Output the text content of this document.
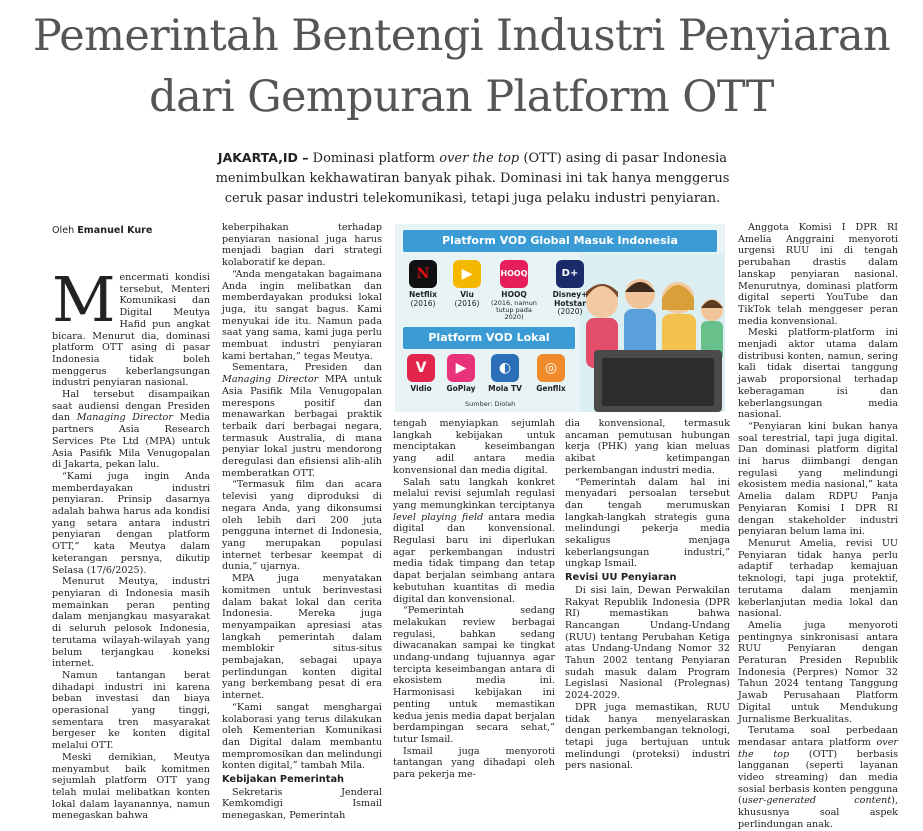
Pemerintah Bentengi Industri Penyiaran
dari Gempuran Platform OTT
JAKARTA,ID – Dominasi platform over the top (OTT) asing di pasar Indonesia menimbulkan kekhawatiran banyak pihak. Dominasi ini tak hanya menggerus ceruk pasar industri telekomunikasi, tetapi juga pelaku industri penyiaran.
Oleh Emanuel Kure
M encermati kondisi tersebut, Menteri Komunikasi dan Digital Meutya Hafid pun angkat bicara. Menurut dia, dominasi platform OTT asing di pasar Indonesia tidak boleh menggerus keberlangsungan industri penyiaran nasional.

Hal tersebut disampaikan saat audiensi dengan Presiden dan Managing Director Media partners Asia Research Services Pte Ltd (MPA) untuk Asia Pasifik Mila Venugopalan di Jakarta, pekan lalu.

“Kami juga ingin Anda memberdayakan industri penyiaran. Prinsip dasarnya adalah bahwa harus ada kondisi yang setara antara industri penyiaran dengan platform OTT,” kata Meutya dalam keterangan persnya, dikutip Selasa (17/6/2025).

Menurut Meutya, industri penyiaran di Indonesia masih memainkan peran penting dalam menjangkau masyarakat di seluruh pelosok Indonesia, terutama wilayah-wilayah yang belum terjangkau koneksi internet.

Namun tantangan berat dihadapi industri ini karena beban investasi dan biaya operasional yang tinggi, sementara tren masyarakat bergeser ke konten digital melalui OTT.

Meski demikian, Meutya menyambut baik komitmen sejumlah platform OTT yang telah mulai melibatkan konten lokal dalam layanannya, namun menegaskan bahwa

keberpihakan terhadap penyiaran nasional juga harus menjadi bagian dari strategi kolaboratif ke depan.

“Anda mengatakan bagaimana Anda ingin melibatkan dan memberdayakan produksi lokal juga, itu sangat bagus. Kami menyukai ide itu. Namun pada saat yang sama, kami juga perlu membuat industri penyiaran kami bertahan,” tegas Meutya.

Sementara, Presiden dan Managing Director MPA untuk Asia Pasifik Mila Venugopalan merespons positif dan menawarkan berbagai praktik terbaik dari berbagai negara, termasuk Australia, di mana penyiar lokal justru mendorong deregulasi dan efisiensi alih-alih memberatkan OTT.

“Termasuk film dan acara televisi yang diproduksi di negara Anda, yang dikonsumsi oleh lebih dari 200 juta pengguna internet di Indonesia, yang merupakan populasi internet terbesar keempat di dunia,” ujarnya.

MPA juga menyatakan komitmen untuk berinvestasi dalam bakat lokal dan cerita Indonesia. Mereka juga menyampaikan apresiasi atas langkah pemerintah dalam memblokir situs-situs pembajakan, sebagai upaya perlindungan konten digital yang berkembang pesat di era internet.

“Kami sangat menghargai kolaborasi yang terus dilakukan oleh Kementerian Komunikasi dan Digital dalam membantu mempromosikan dan melindungi konten digital,” tambah Mila.

Kebijakan Pemerintah

Sekretaris Jenderal Kemkomdigi Ismail menegaskan, Pemerintah

Platform VOD Global Masuk Indonesia
N
Netflix
(2016)
▶
Viu
(2016)
HOOQ
HOOQ
(2016, namun tutup pada 2020)
D+
Disney+ Hotstar
(2020)
Platform VOD Lokal
V
Vidio
▶
GoPlay
◐
Mola TV
◎
Genflix
Sumber: Diolah

tengah menyiapkan sejumlah langkah kebijakan untuk menciptakan keseimbangan yang adil antara media konvensional dan media digital.

Salah satu langkah konkret melalui revisi sejumlah regulasi yang memungkinkan terciptanya level playing field antara media digital dan konvensional. Regulasi baru ini diperlukan agar perkembangan industri media tidak timpang dan tetap dapat berjalan seimbang antara kebutuhan kuantitas di media digital dan konvensional.

“Pemerintah sedang melakukan review berbagai regulasi, bahkan sedang diwacanakan sampai ke tingkat undang-undang tujuannya agar tercipta keseimbangan antara di ekosistem media ini. Harmonisasi kebijakan ini penting untuk memastikan kedua jenis media dapat berjalan berdampingan secara sehat,” tutur Ismail.

Ismail juga menyoroti tantangan yang dihadapi oleh para pekerja me-

dia konvensional, termasuk ancaman pemutusan hubungan kerja (PHK) yang kian meluas akibat ketimpangan perkembangan industri media.

“Pemerintah dalam hal ini menyadari persoalan tersebut dan tengah merumuskan langkah-langkah strategis guna melindungi pekerja media sekaligus menjaga keberlangsungan industri,” ungkap Ismail.

Revisi UU Penyiaran

Di sisi lain, Dewan Perwakilan Rakyat Republik Indonesia (DPR RI) memastikan bahwa Rancangan Undang-Undang (RUU) tentang Perubahan Ketiga atas Undang-Undang Nomor 32 Tahun 2002 tentang Penyiaran sudah masuk dalam Program Legislasi Nasional (Prolegnas) 2024-2029.

DPR juga memastikan, RUU tidak hanya menyelaraskan dengan perkembangan teknologi, tetapi juga bertujuan untuk melindungi (proteksi) industri pers nasional.

Anggota Komisi I DPR RI Amelia Anggraini menyoroti urgensi RUU ini di tengah perubahan drastis dalam lanskap penyiaran nasional. Menurutnya, dominasi platform digital seperti YouTube dan TikTok telah menggeser peran media konvensional.

Meski platform-platform ini menjadi aktor utama dalam distribusi konten, namun, sering kali tidak disertai tanggung jawab proporsional terhadap keberagaman isi dan keberlangsungan media nasional.

“Penyiaran kini bukan hanya soal terestrial, tapi juga digital. Dan dominasi platform digital ini harus diimbangi dengan regulasi yang melindungi ekosistem media nasional,” kata Amelia dalam RDPU Panja Penyiaran Komisi I DPR RI dengan stakeholder industri penyiaran belum lama ini.

Menurut Amelia, revisi UU Penyiaran tidak hanya perlu adaptif terhadap kemajuan teknologi, tapi juga protektif, terutama dalam menjamin keberlanjutan media lokal dan nasional.

Amelia juga menyoroti pentingnya sinkronisasi antara RUU Penyiaran dengan Peraturan Presiden Republik Indonesia (Perpres) Nomor 32 Tahun 2024 tentang Tanggung Jawab Perusahaan Platform Digital untuk Mendukung Jurnalisme Berkualitas.

Terutama soal perbedaan mendasar antara platform over the top (OTT) berbasis langganan (seperti layanan video streaming) dan media sosial berbasis konten pengguna (user-generated content), khususnya soal aspek perlindungan anak.
